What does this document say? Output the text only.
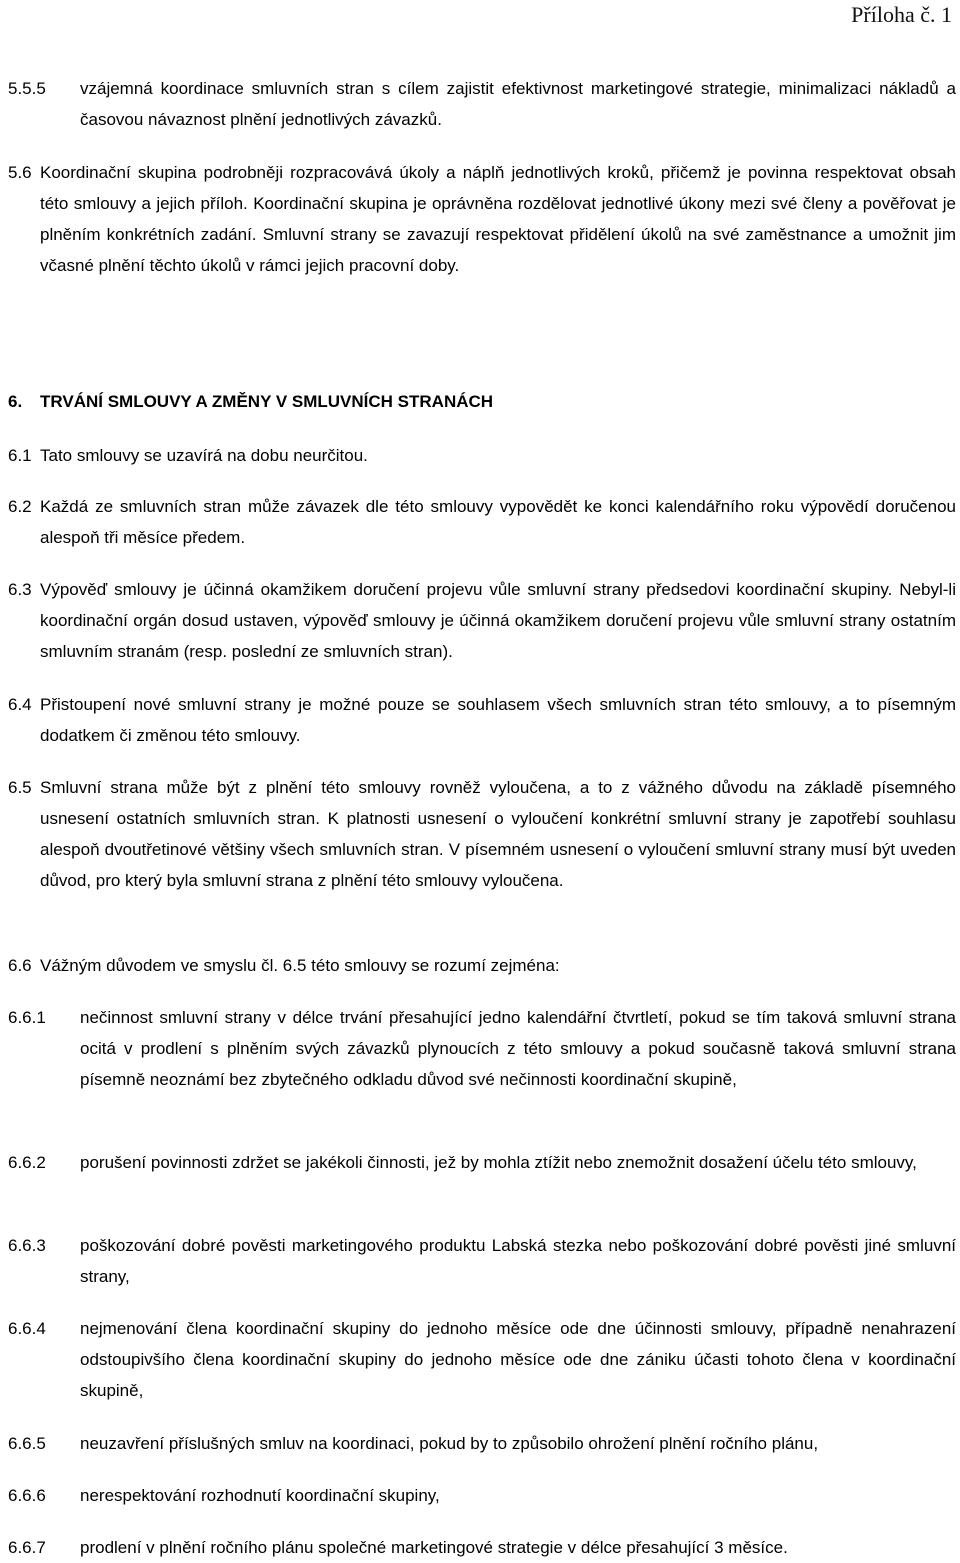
Příloha č. 1
5.5.5	vzájemná koordinace smluvních stran s cílem zajistit efektivnost marketingové strategie, minimalizaci nákladů a časovou návaznost plnění jednotlivých závazků.
5.6 Koordinační skupina podrobněji rozpracovává úkoly a náplň jednotlivých kroků, přičemž je povinna respektovat obsah této smlouvy a jejich příloh. Koordinační skupina je oprávněna rozdělovat jednotlivé úkony mezi své členy a pověřovat je plněním konkrétních zadání. Smluvní strany se zavazují respektovat přidělení úkolů na své zaměstnance a umožnit jim včasné plnění těchto úkolů v rámci jejich pracovní doby.
6.	TRVÁNÍ SMLOUVY A ZMĚNY V SMLUVNÍCH STRANÁCH
6.1 Tato smlouvy se uzavírá na dobu neurčitou.
6.2 Každá ze smluvních stran může závazek dle této smlouvy vypovědět ke konci kalendářního roku výpovědí doručenou alespoň tři měsíce předem.
6.3 Výpověď smlouvy je účinná okamžikem doručení projevu vůle smluvní strany předsedovi koordinační skupiny. Nebyl-li koordinační orgán dosud ustaven, výpověď smlouvy je účinná okamžikem doručení projevu vůle smluvní strany ostatním smluvním stranám (resp. poslední ze smluvních stran).
6.4 Přistoupení nové smluvní strany je možné pouze se souhlasem všech smluvních stran této smlouvy, a to písemným dodatkem či změnou této smlouvy.
6.5 Smluvní strana může být z plnění této smlouvy rovněž vyloučena, a to z vážného důvodu na základě písemného usnesení ostatních smluvních stran. K platnosti usnesení o vyloučení konkrétní smluvní strany je zapotřebí souhlasu alespoň dvoutřetinové většiny všech smluvních stran. V písemném usnesení o vyloučení smluvní strany musí být uveden důvod, pro který byla smluvní strana z plnění této smlouvy vyloučena.
6.6 Vážným důvodem ve smyslu čl. 6.5 této smlouvy se rozumí zejména:
6.6.1	nečinnost smluvní strany v délce trvání přesahující jedno kalendářní čtvrtletí, pokud se tím taková smluvní strana ocitá v prodlení s plněním svých závazků plynoucích z této smlouvy a pokud současně taková smluvní strana písemně neoznámí bez zbytečného odkladu důvod své nečinnosti koordinační skupině,
6.6.2	porušení povinnosti zdržet se jakékoli činnosti, jež by mohla ztížit nebo znemožnit dosažení účelu této smlouvy,
6.6.3	poškozování dobré pověsti marketingového produktu Labská stezka nebo poškozování dobré pověsti jiné smluvní strany,
6.6.4	nejmenování člena koordinační skupiny do jednoho měsíce ode dne účinnosti smlouvy, případně nenahrazení odstoupivšího člena koordinační skupiny do jednoho měsíce ode dne zániku účasti tohoto člena v koordinační skupině,
6.6.5	neuzavření příslušných smluv na koordinaci, pokud by to způsobilo ohrožení plnění ročního plánu,
6.6.6	nerespektování rozhodnutí koordinační skupiny,
6.6.7	prodlení v plnění ročního plánu společné marketingové strategie v délce přesahující 3 měsíce.
